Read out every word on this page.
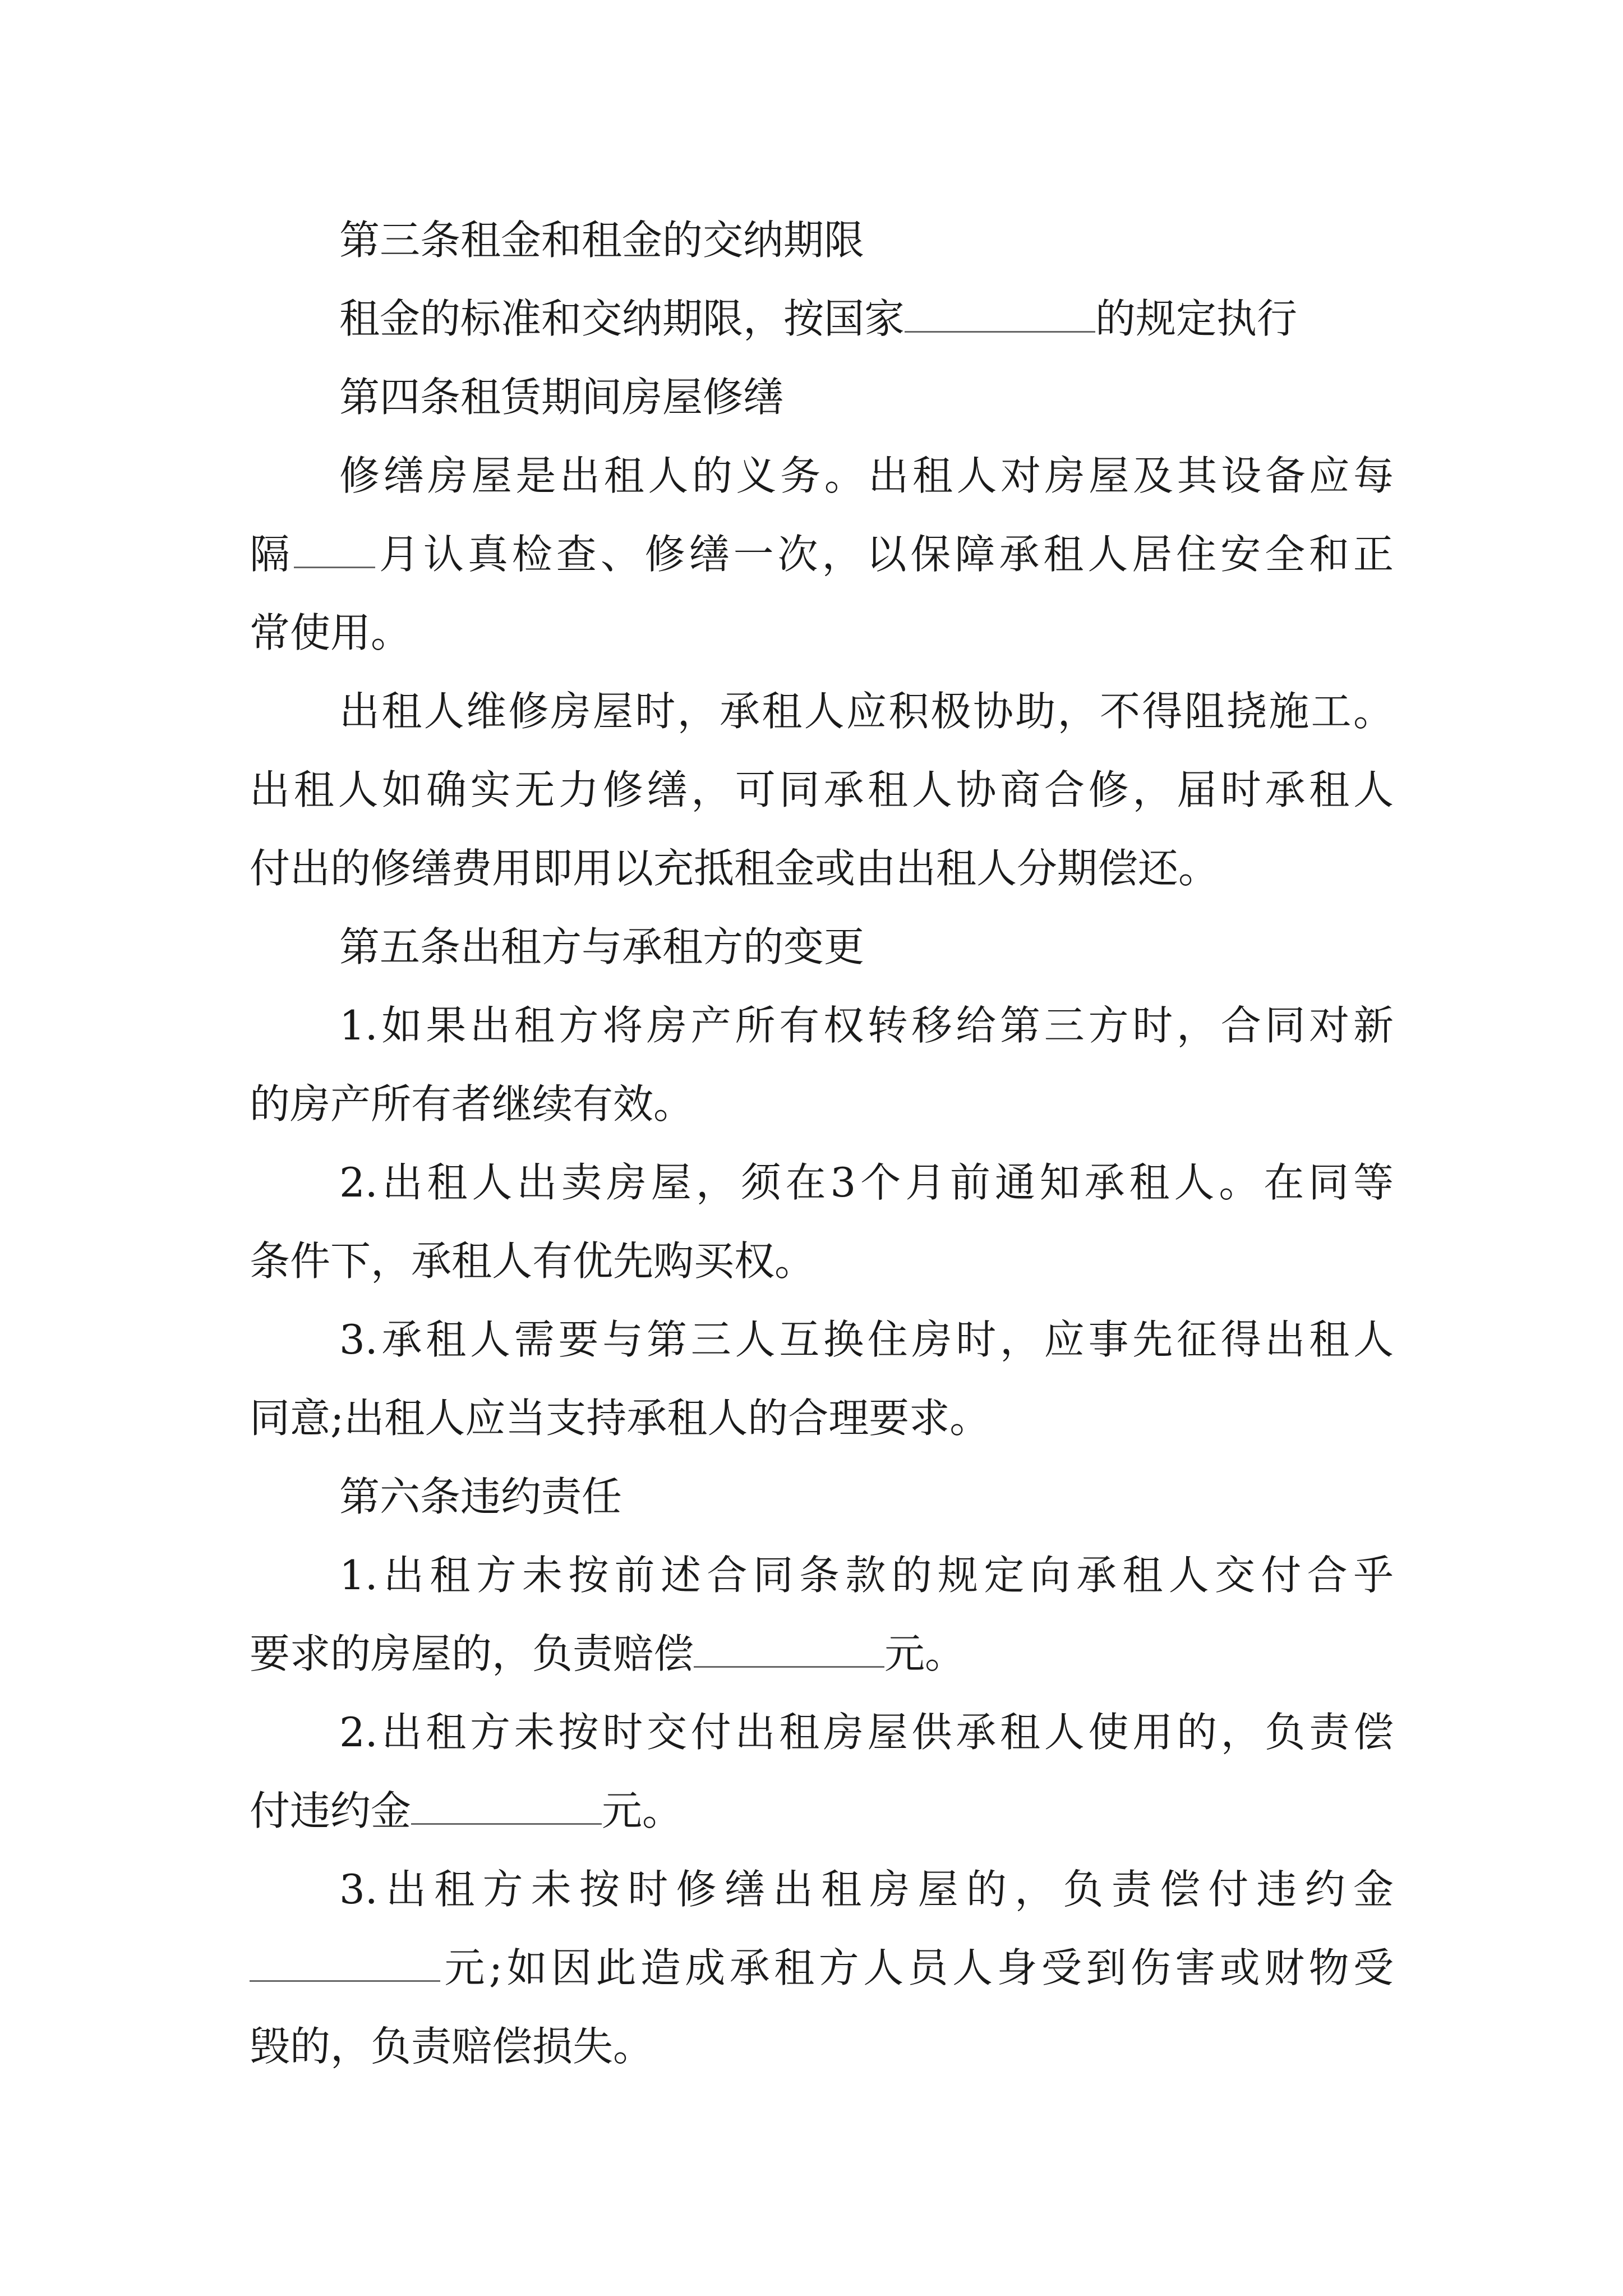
第三条租金和租金的交纳期限
租金的标准和交纳期限，按国家	的规定执行
第四条租赁期间房屋修缮
修缮房屋是出租人的义务。出租人对房屋及其设备应每
隔 月认真检查、修缮一次，以保障承租人居住安全和正
常使用。
出租人维修房屋时，承租人应积极协助，不得阻挠施工。
出租人如确实无力修缮，可同承租人协商合修，届时承租人
付出的修缮费用即用以充抵租金或由出租人分期偿还。
第五条出租方与承租方的变更
1.如果出租方将房产所有权转移给第三方时，合同对新
的房产所有者继续有效。
2.出租人出卖房屋，须在3个月前通知承租人。在同等
条件下，承租人有优先购买权。
3.承租人需要与第三人互换住房时，应事先征得出租人
同意;出租人应当支持承租人的合理要求。
第六条违约责任
1.出租方未按前述合同条款的规定向承租人交付合乎
要求的房屋的，负责赔偿	元。
2.出租方未按时交付出租房屋供承租人使用的，负责偿
付违约金	元。
3.出租方未按时修缮出租房屋的，负责偿付违约金
元;如因此造成承租方人员人身受到伤害或财物受
毁的，负责赔偿损失。
